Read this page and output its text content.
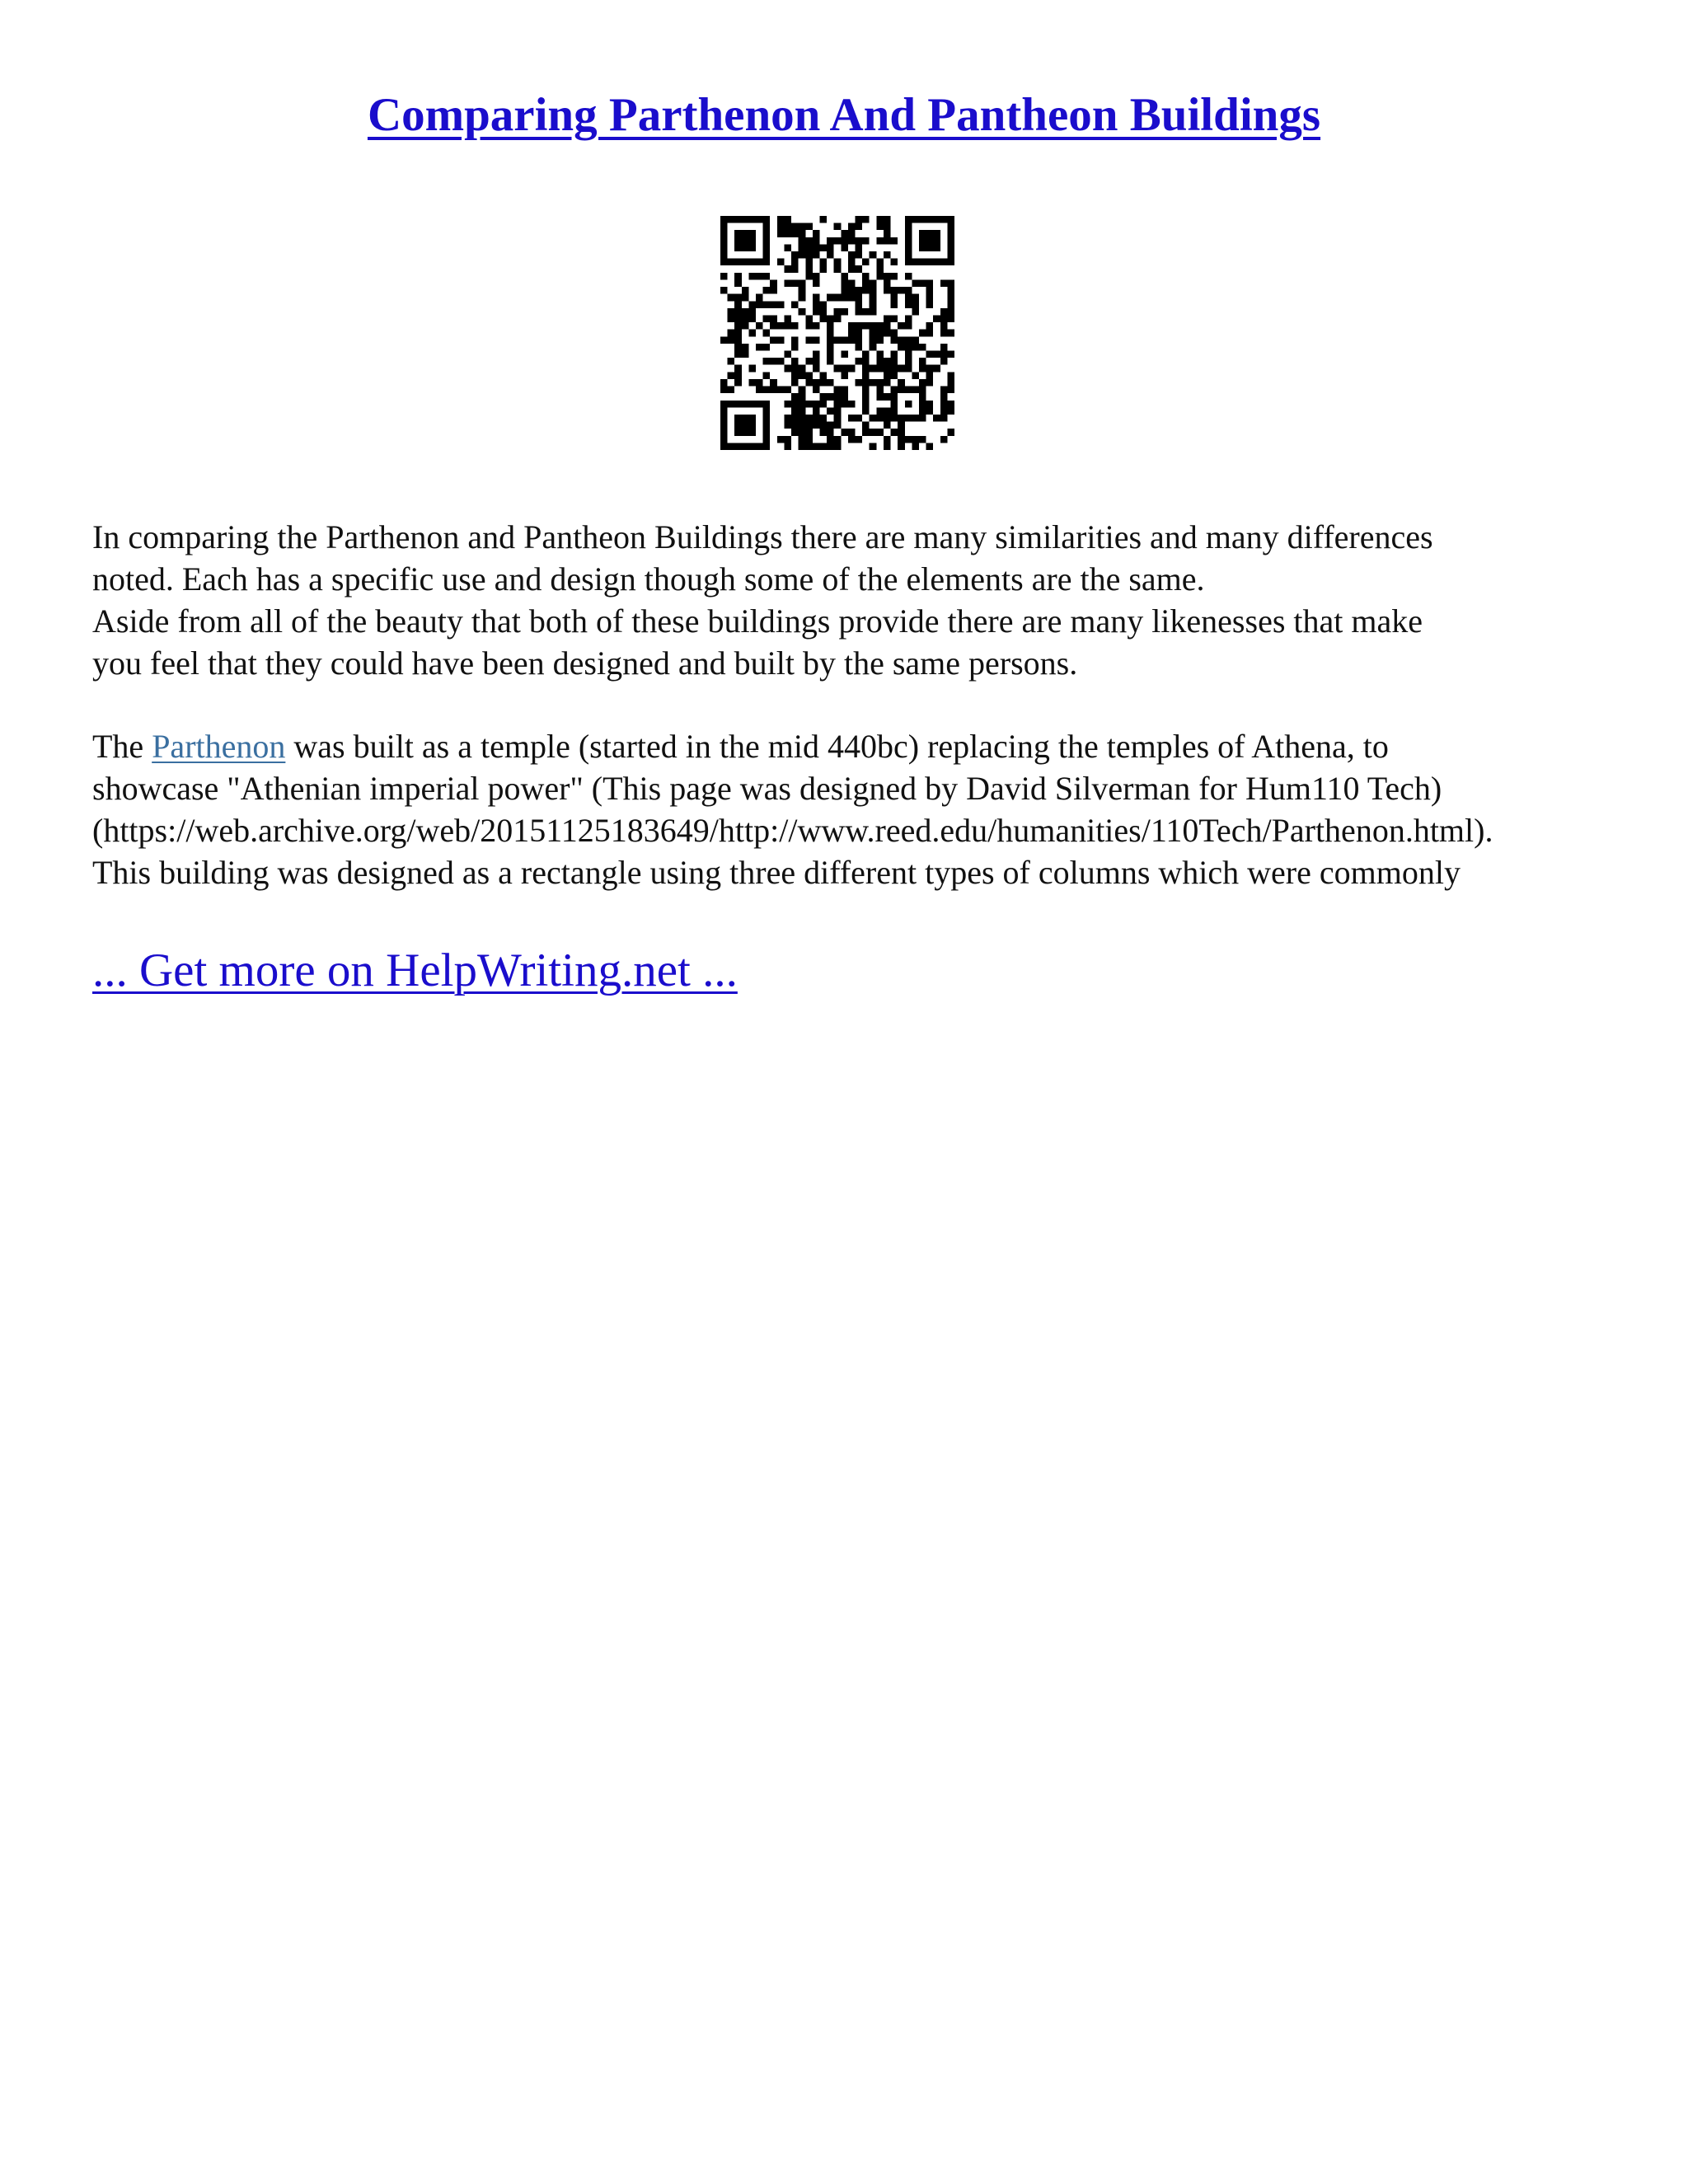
Comparing Parthenon And Pantheon Buildings

In comparing the Parthenon and Pantheon Buildings there are many similarities and many differences
noted. Each has a specific use and design though some of the elements are the same.
Aside from all of the beauty that both of these buildings provide there are many likenesses that make
you feel that they could have been designed and built by the same persons.

The Parthenon was built as a temple (started in the mid 440bc) replacing the temples of Athena, to
showcase "Athenian imperial power" (This page was designed by David Silverman for Hum110 Tech)
(https://web.archive.org/web/20151125183649/http://www.reed.edu/humanities/110Tech/Parthenon.html).
This building was designed as a rectangle using three different types of columns which were commonly

... Get more on HelpWriting.net ...
